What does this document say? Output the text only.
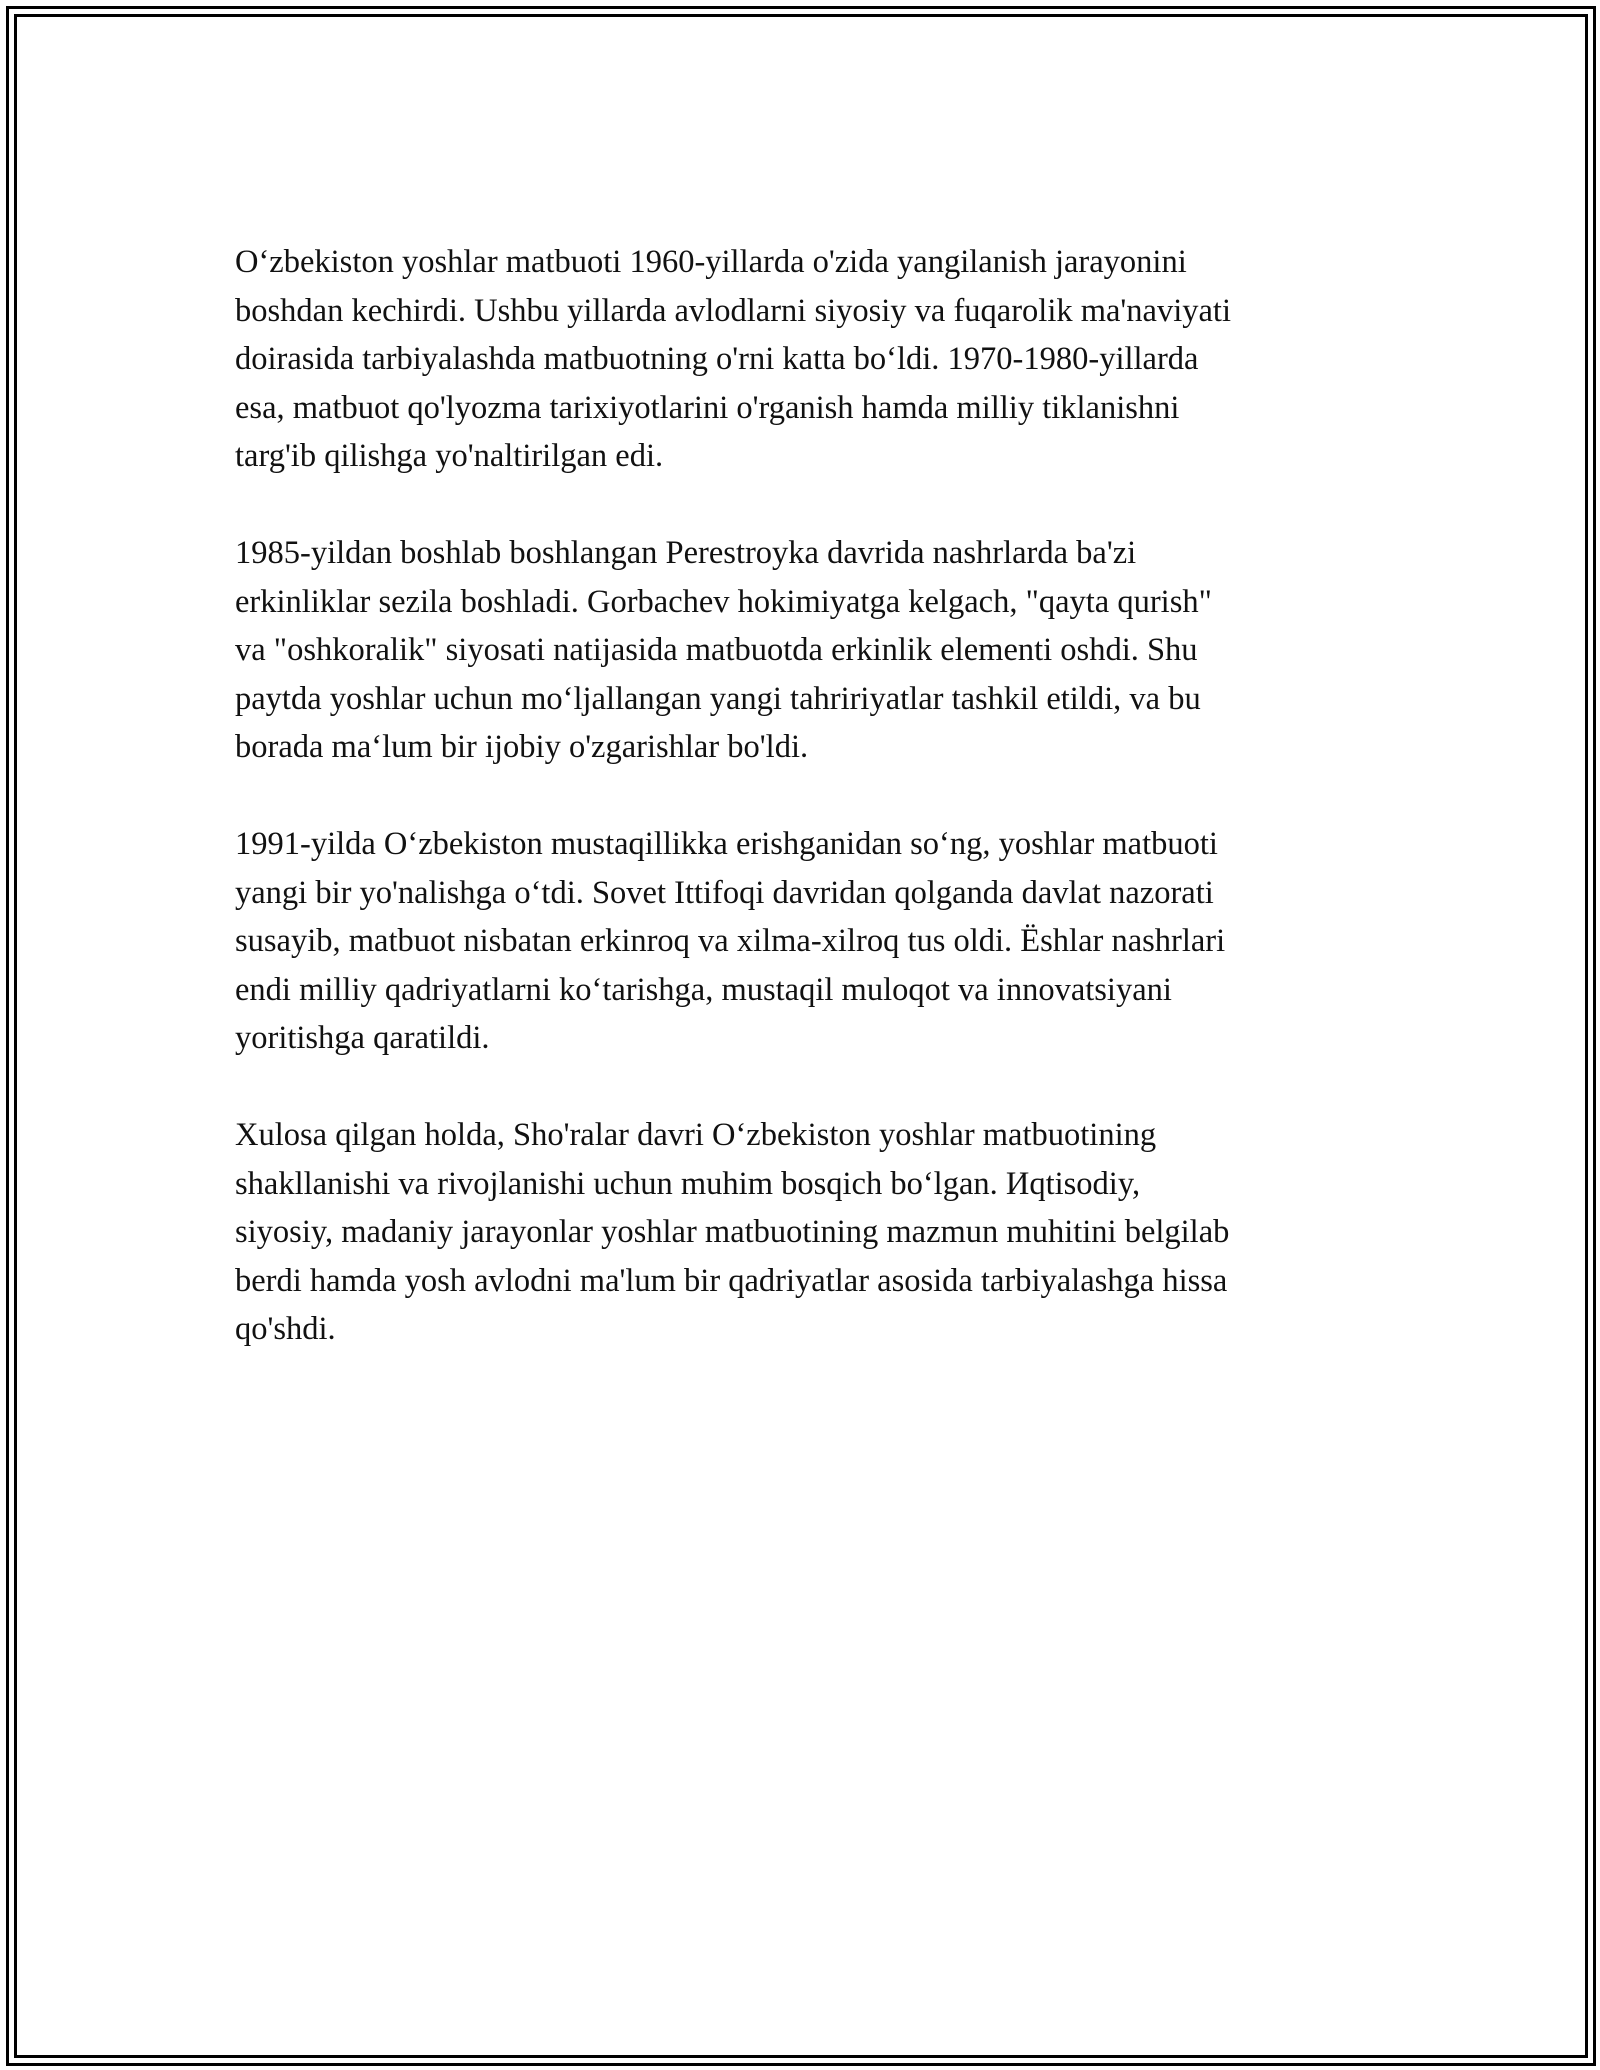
O‘zbekiston yoshlar matbuoti 1960-yillarda o'zida yangilanish jarayonini
boshdan kechirdi. Ushbu yillarda avlodlarni siyosiy va fuqarolik ma'naviyati
doirasida tarbiyalashda matbuotning o'rni katta bo‘ldi. 1970-1980-yillarda
esa, matbuot qo'lyozma tarixiyotlarini o'rganish hamda milliy tiklanishni
targ'ib qilishga yo'naltirilgan edi.

1985-yildan boshlab boshlangan Perestroyka davrida nashrlarda ba'zi
erkinliklar sezila boshladi. Gorbachev hokimiyatga kelgach, "qayta qurish"
va "oshkoralik" siyosati natijasida matbuotda erkinlik elementi oshdi. Shu
paytda yoshlar uchun mo‘ljallangan yangi tahririyatlar tashkil etildi, va bu
borada ma‘lum bir ijobiy o'zgarishlar bo'ldi.

1991-yilda O‘zbekiston mustaqillikka erishganidan so‘ng, yoshlar matbuoti
yangi bir yo'nalishga o‘tdi. Sovet Ittifoqi davridan qolganda davlat nazorati
susayib, matbuot nisbatan erkinroq va xilma-xilroq tus oldi. Ëshlar nashrlari
endi milliy qadriyatlarni ko‘tarishga, mustaqil muloqot va innovatsiyani
yoritishga qaratildi.

Xulosa qilgan holda, Sho'ralar davri O‘zbekiston yoshlar matbuotining
shakllanishi va rivojlanishi uchun muhim bosqich bo‘lgan. Иqtisodiy,
siyosiy, madaniy jarayonlar yoshlar matbuotining mazmun muhitini belgilab
berdi hamda yosh avlodni ma'lum bir qadriyatlar asosida tarbiyalashga hissa
qo'shdi.
